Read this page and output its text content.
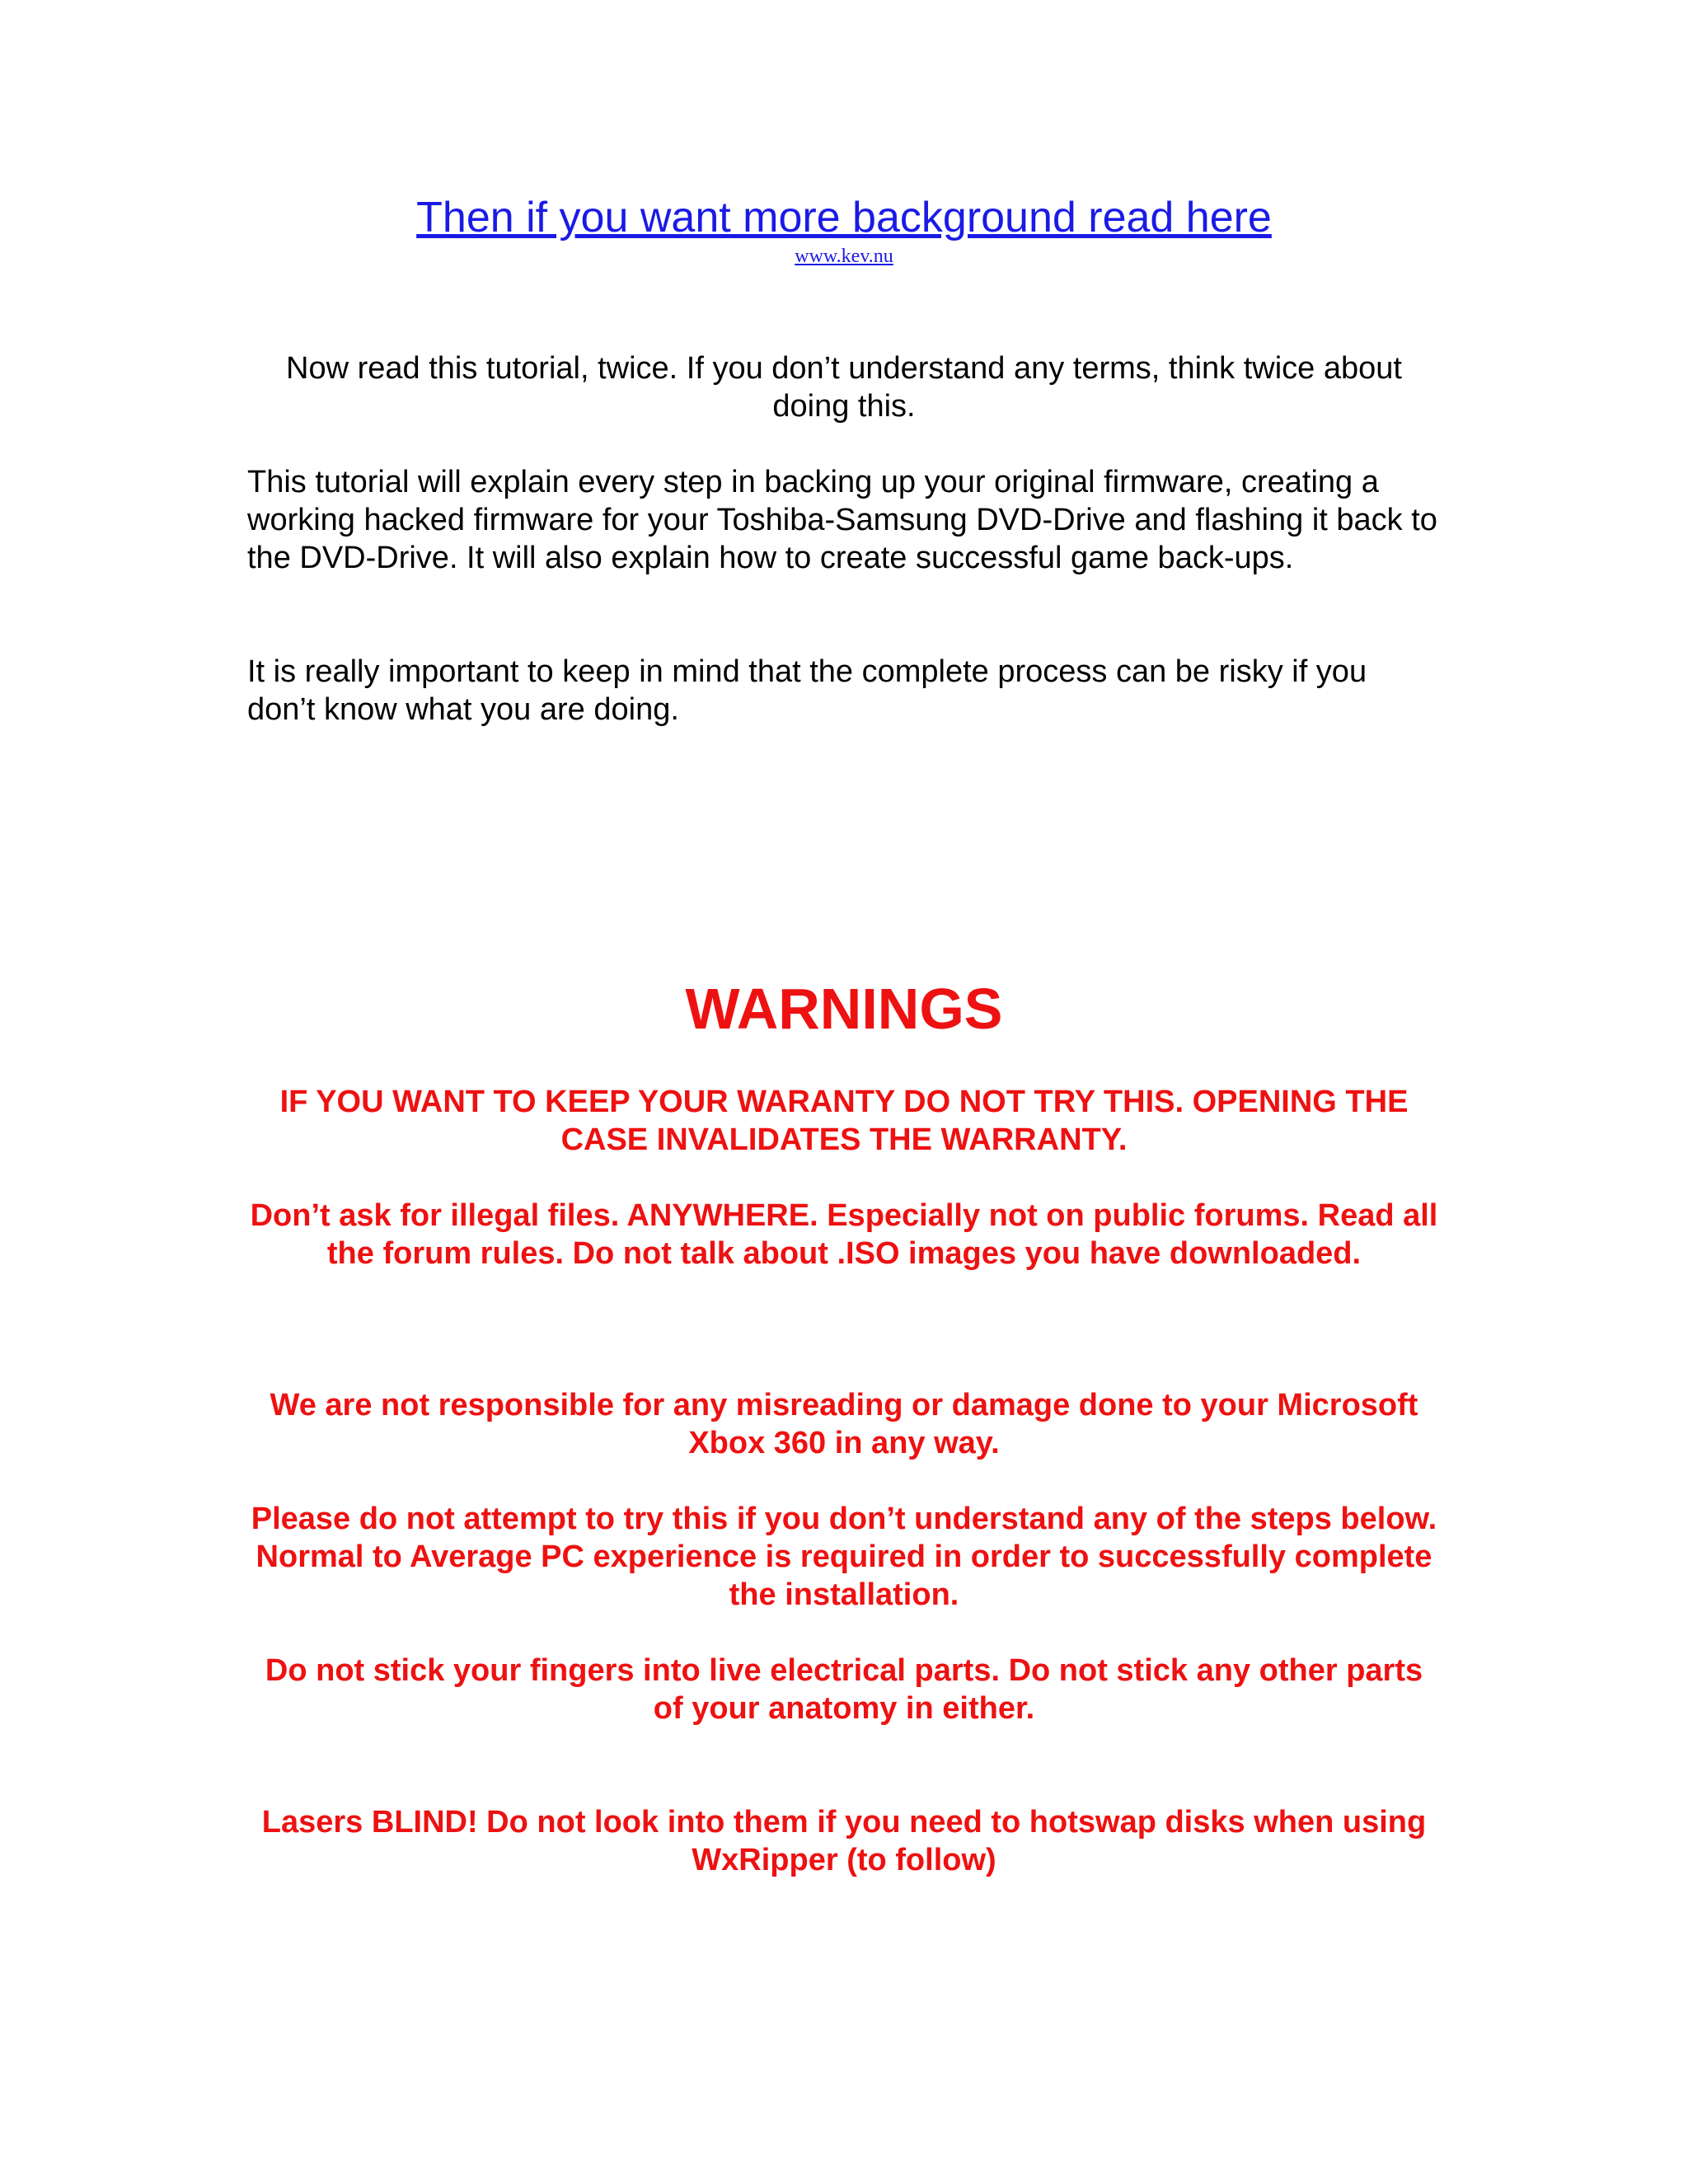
Then if you want more background read here
www.kev.nu

Now read this tutorial, twice. If you don’t understand any terms, think twice about doing this.

This tutorial will explain every step in backing up your original firmware, creating a working hacked firmware for your Toshiba-Samsung DVD-Drive and flashing it back to the DVD-Drive. It will also explain how to create successful game back-ups.

It is really important to keep in mind that the complete process can be risky if you don’t know what you are doing.

WARNINGS

IF YOU WANT TO KEEP YOUR WARANTY DO NOT TRY THIS. OPENING THE CASE INVALIDATES THE WARRANTY.

Don’t ask for illegal files. ANYWHERE. Especially not on public forums. Read all the forum rules. Do not talk about .ISO images you have downloaded.

We are not responsible for any misreading or damage done to your Microsoft Xbox 360 in any way.

Please do not attempt to try this if you don’t understand any of the steps below. Normal to Average PC experience is required in order to successfully complete the installation.

Do not stick your fingers into live electrical parts. Do not stick any other parts of your anatomy in either.

Lasers BLIND! Do not look into them if you need to hotswap disks when using WxRipper (to follow)
